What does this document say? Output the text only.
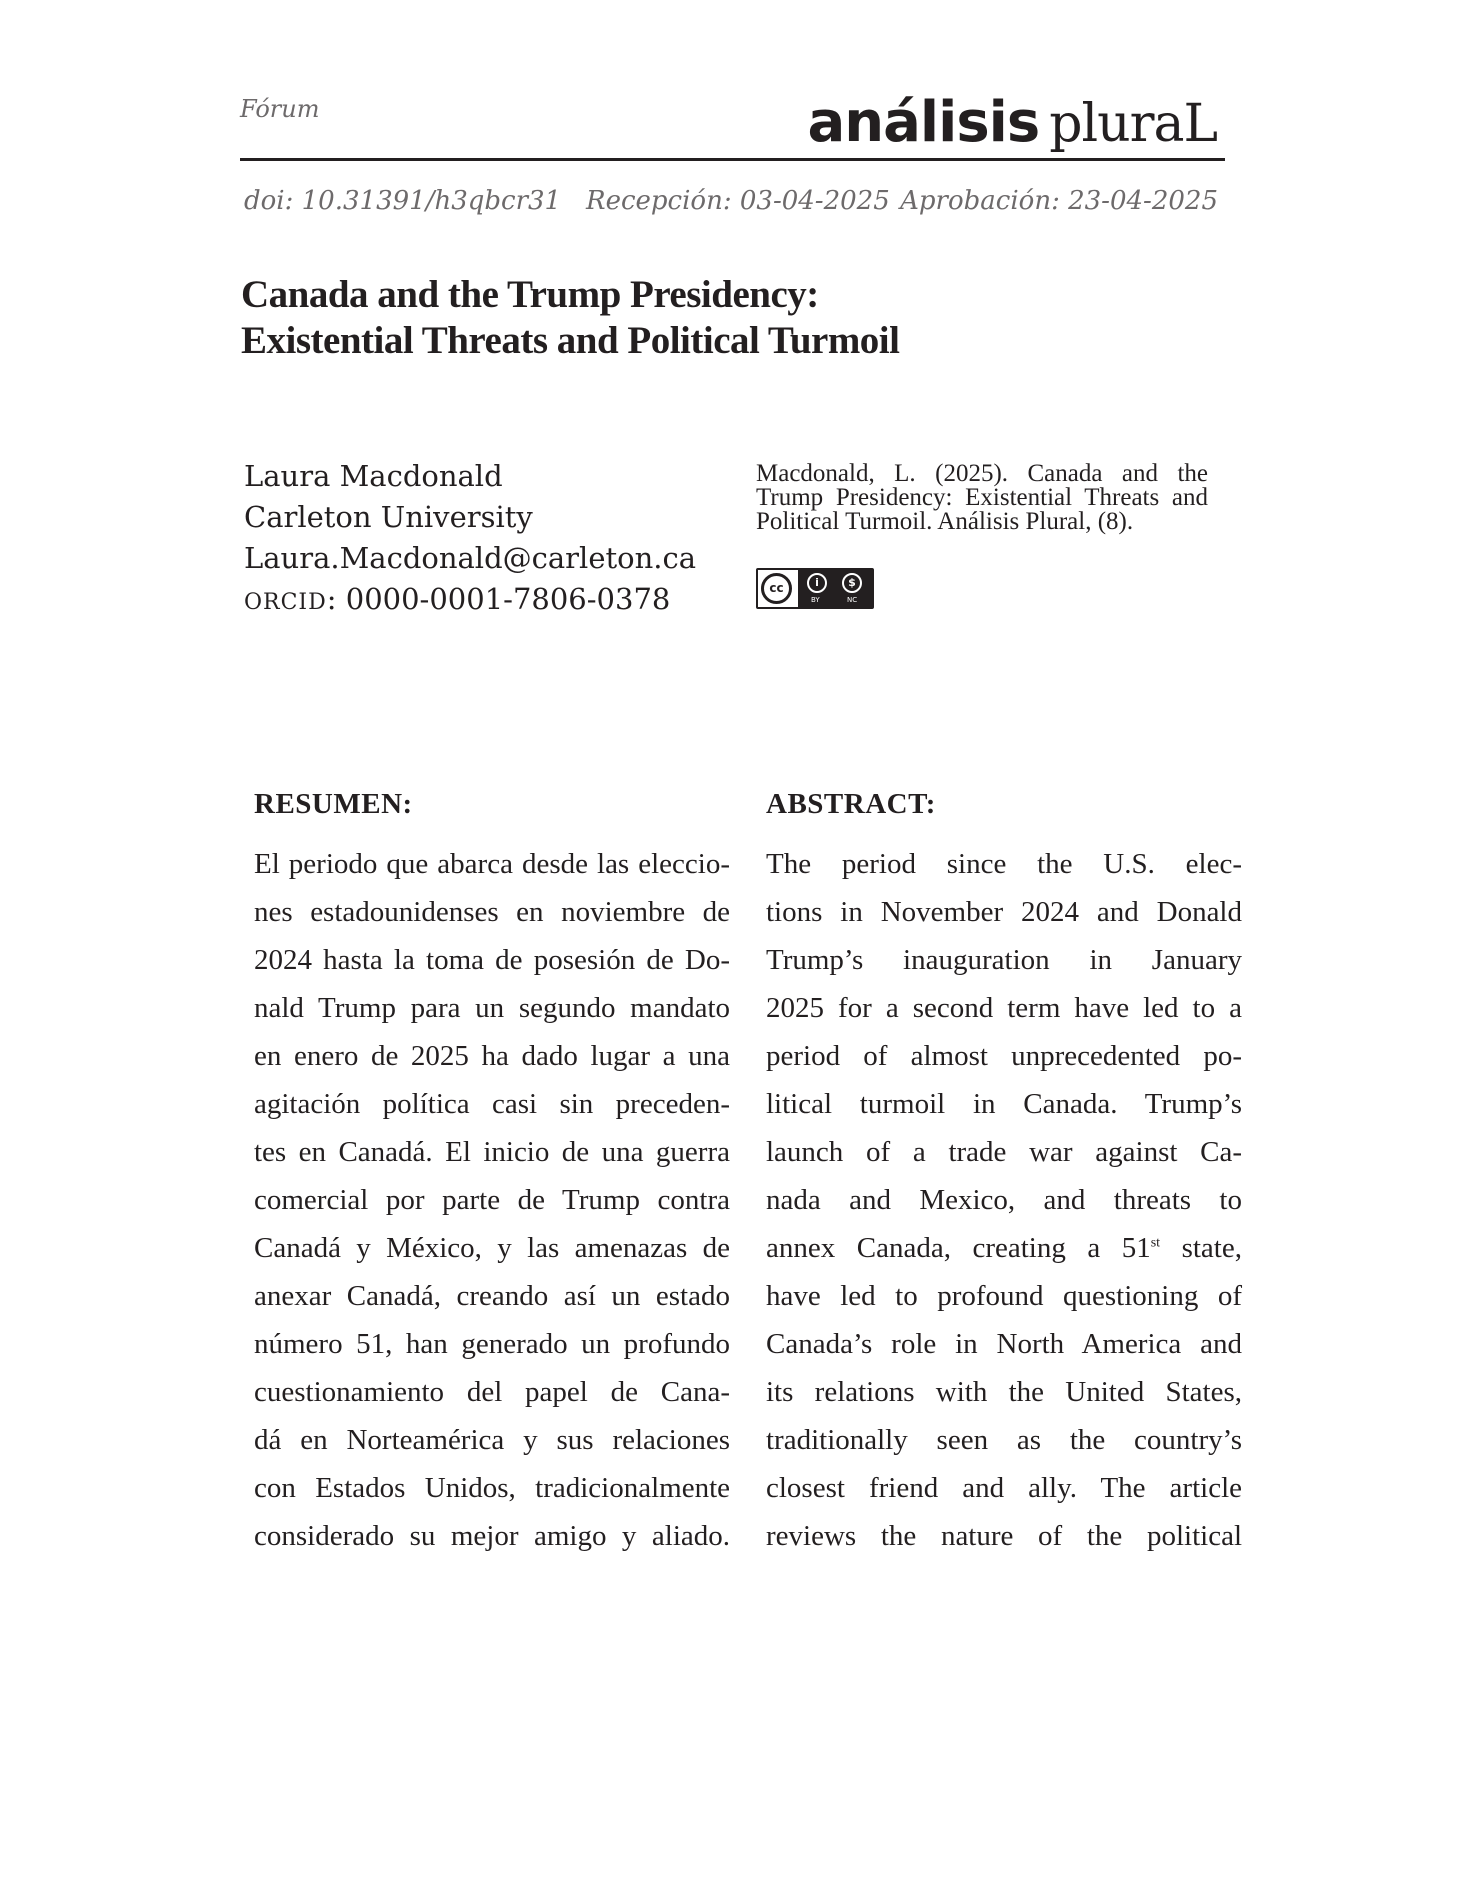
Fórum	análisis pluraL
doi: 10.31391/h3qbcr31 Recepción: 03-04-2025 Aprobación: 23-04-2025
Canada and the Trump Presidency:
Existential Threats and Political Turmoil
Laura Macdonald
Carleton University
Laura.Macdonald@carleton.ca
ORCID: 0000-0001-7806-0378
Macdonald, L. (2025). Canada and the Trump Presidency: Existential Threats and Political Turmoil. Análisis Plural, (8).
cc	i	$
BY	NC
RESUMEN:
El periodo que abarca desde las eleccio-
nes estadounidenses en noviembre de
2024 hasta la toma de posesión de Do-
nald Trump para un segundo mandato
en enero de 2025 ha dado lugar a una
agitación política casi sin preceden-
tes en Canadá. El inicio de una guerra
comercial por parte de Trump contra
Canadá y México, y las amenazas de
anexar Canadá, creando así un estado
número 51, han generado un profundo
cuestionamiento del papel de Cana-
dá en Norteamérica y sus relaciones
con Estados Unidos, tradicionalmente
considerado su mejor amigo y aliado.
ABSTRACT:
The period since the U.S. elec-
tions in November 2024 and Donald
Trump’s inauguration in January
2025 for a second term have led to a
period of almost unprecedented po-
litical turmoil in Canada. Trump’s
launch of a trade war against Ca-
nada and Mexico, and threats to
annex Canada, creating a 51st state,
have led to profound questioning of
Canada’s role in North America and
its relations with the United States,
traditionally seen as the country’s
closest friend and ally. The article
reviews the nature of the political
